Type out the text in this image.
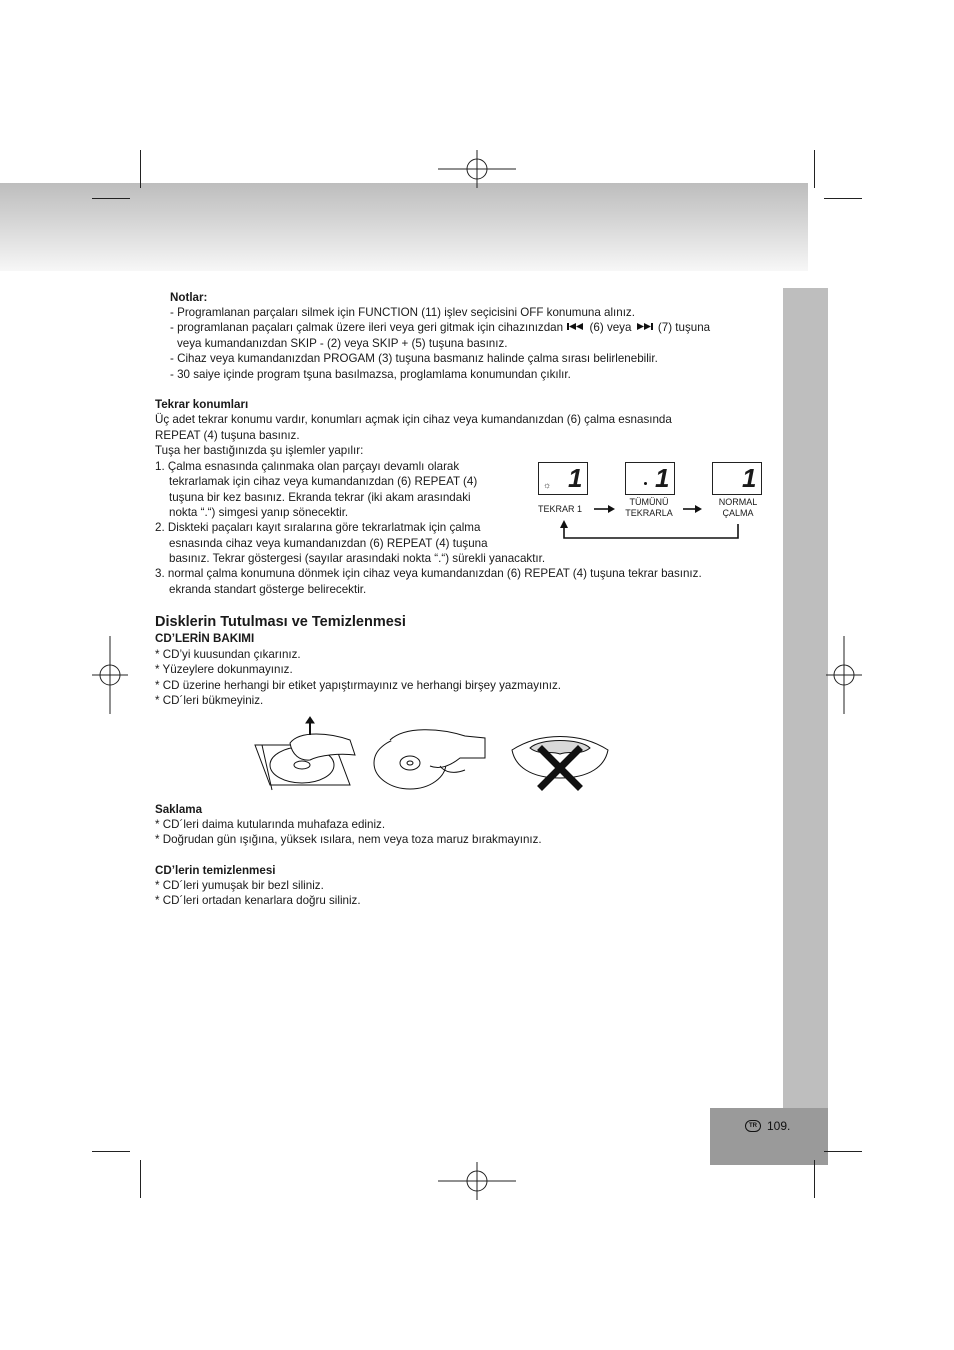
Notlar:
- Programlanan parçaları silmek için FUNCTION (11) işlev seçicisini OFF konumuna alınız.
- programlanan paçaları çalmak üzere ileri veya geri gitmak için cihazınızdan (6) veya (7) tuşuna
veya kumandanızdan SKIP - (2) veya SKIP + (5) tuşuna basınız.
- Cihaz veya kumandanızdan PROGAM (3) tuşuna basmanız halinde çalma sırası belirlenebilir.
- 30 saiye içinde program tşuna basılmazsa, proglamlama konumundan çıkılır.
Tekrar konumları
Üç adet tekrar konumu vardır, konumları açmak için cihaz veya kumandanızdan (6) çalma esnasında
REPEAT (4) tuşuna basınız.
Tuşa her bastığınızda şu işlemler yapılır:
1. Çalma esnasında çalınmaka olan parçayı devamlı olarak
tekrarlamak için cihaz veya kumandanızdan (6) REPEAT (4)
tuşuna bir kez basınız. Ekranda tekrar (iki akam arasındaki
nokta “.“) simgesi yanıp sönecektir.
2. Diskteki paçaları kayıt sıralarına göre tekrarlatmak için çalma
esnasında cihaz veya kumandanızdan (6) REPEAT (4) tuşuna
basınız. Tekrar göstergesi (sayılar arasındaki nokta “.“) sürekli yanacaktır.
3. normal çalma konumuna dönmek için cihaz veya kumandanızdan (6) REPEAT (4) tuşuna tekrar basınız.
ekranda standart gösterge belirecektir.
☼ 1	1	1
TEKRAR 1
TÜMÜNÜ
TEKRARLA
NORMAL
ÇALMA
Disklerin Tutulması ve Temizlenmesi
CD’LERİN BAKIMI
* CD’yi kuusundan çıkarınız.
* Yüzeylere dokunmayınız.
* CD üzerine herhangi bir etiket yapıştırmayınız ve herhangi birşey yazmayınız.
* CD´leri bükmeyiniz.
Saklama
* CD´leri daima kutularında muhafaza ediniz.
* Doğrudan gün ışığına, yüksek ısılara, nem veya toza maruz bırakmayınız.
CD’lerin temizlenmesi
* CD´leri yumuşak bir bezl siliniz.
* CD´leri ortadan kenarlara doğru siliniz.
TR 109.
